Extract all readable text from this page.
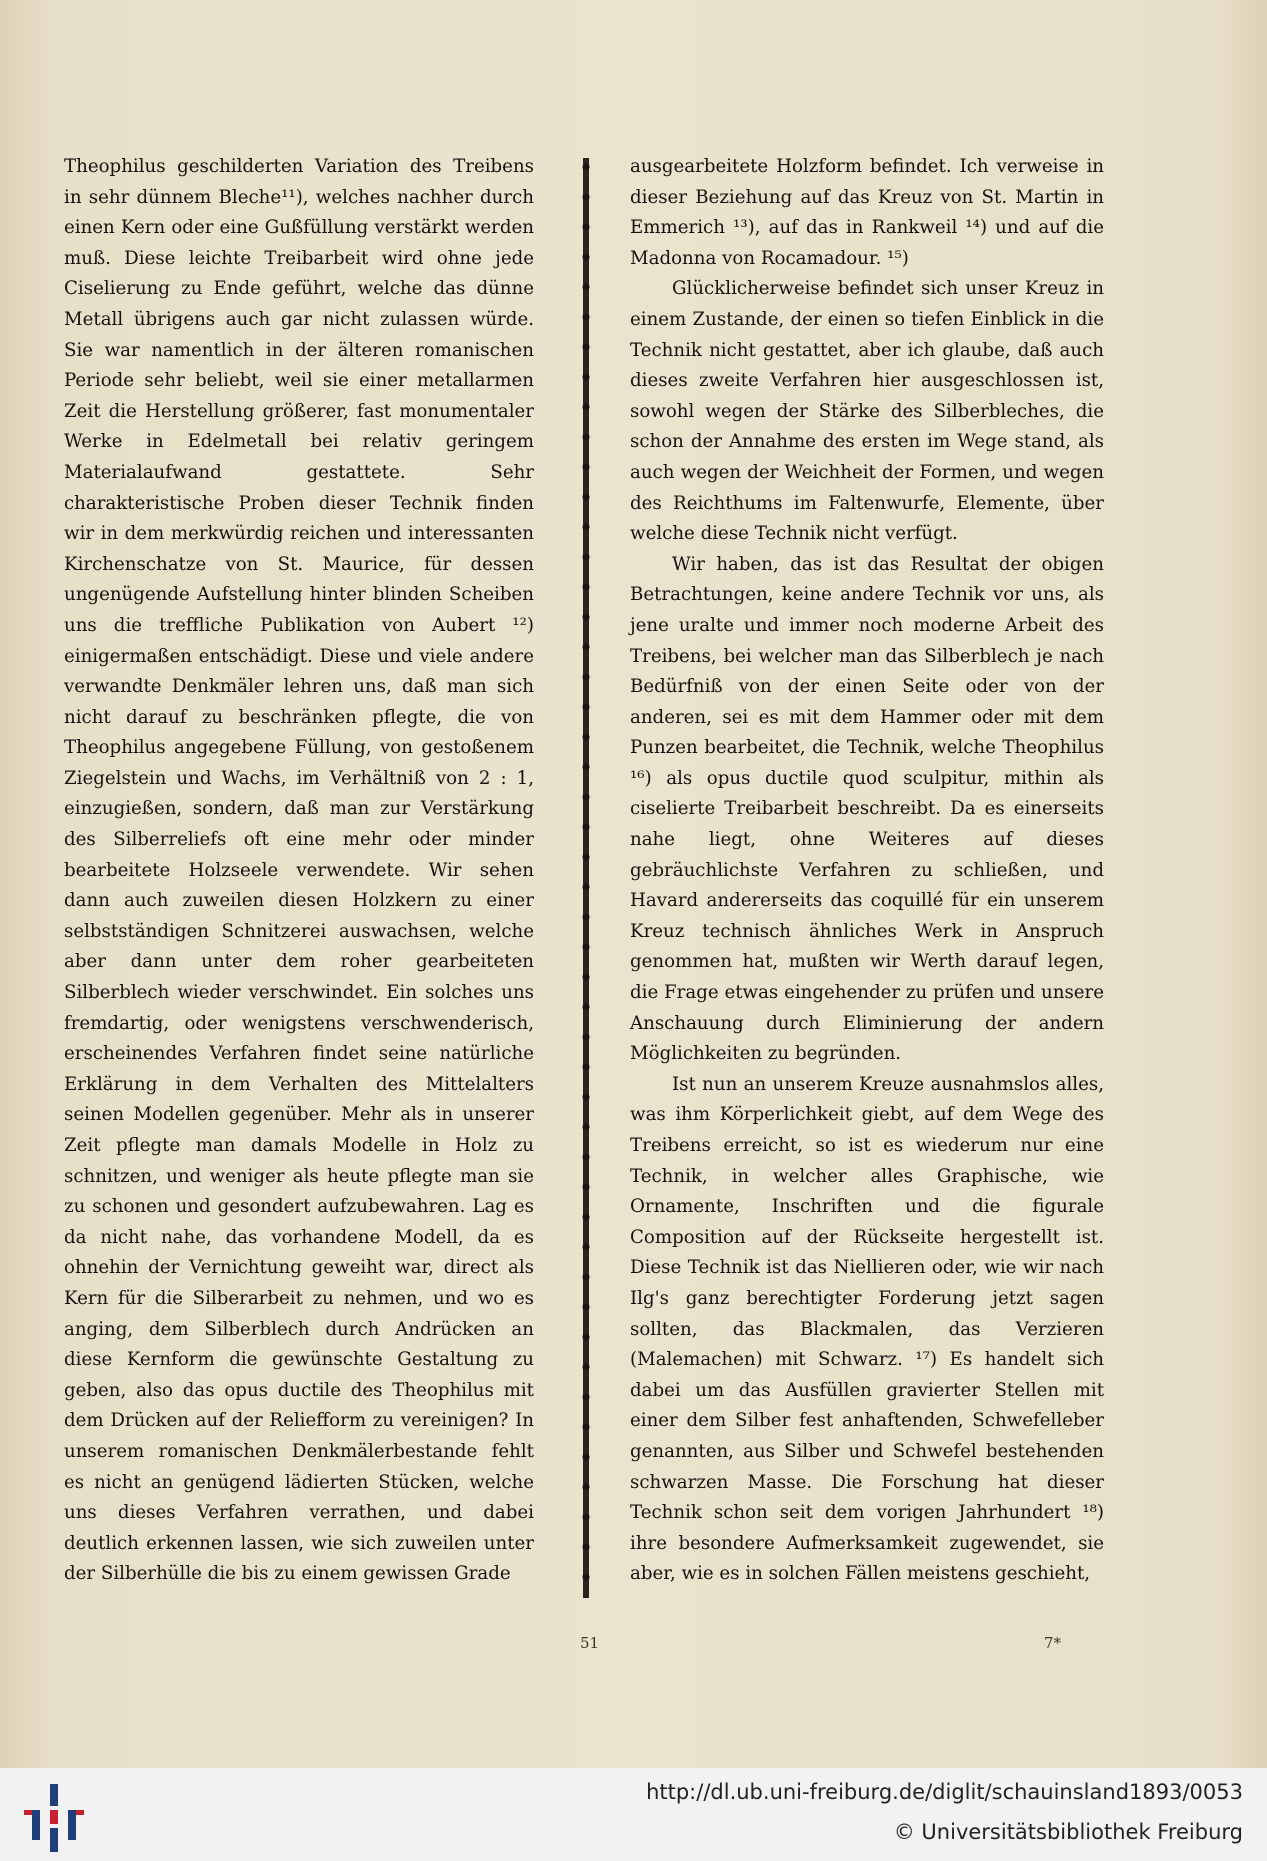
Theophilus geschilderten Variation des Treibens in sehr dünnem Bleche¹¹), welches nachher durch einen Kern oder eine Gußfüllung verstärkt werden muß. Diese leichte Treibarbeit wird ohne jede Ciselierung zu Ende geführt, welche das dünne Metall übrigens auch gar nicht zulassen würde. Sie war namentlich in der älteren romanischen Periode sehr beliebt, weil sie einer metallarmen Zeit die Herstellung größerer, fast monumentaler Werke in Edelmetall bei relativ geringem Materialaufwand gestattete. Sehr charakteristische Proben dieser Technik finden wir in dem merkwürdig reichen und interessanten Kirchenschatze von St. Maurice, für dessen ungenügende Aufstellung hinter blinden Scheiben uns die treffliche Publikation von Aubert ¹²) einigermaßen entschädigt. Diese und viele andere verwandte Denkmäler lehren uns, daß man sich nicht darauf zu beschränken pflegte, die von Theophilus angegebene Füllung, von gestoßenem Ziegelstein und Wachs, im Verhältniß von 2 : 1, einzugießen, sondern, daß man zur Verstärkung des Silberreliefs oft eine mehr oder minder bearbeitete Holzseele verwendete. Wir sehen dann auch zuweilen diesen Holzkern zu einer selbstständigen Schnitzerei auswachsen, welche aber dann unter dem roher gearbeiteten Silberblech wieder verschwindet. Ein solches uns fremdartig, oder wenigstens verschwenderisch, erscheinendes Verfahren findet seine natürliche Erklärung in dem Verhalten des Mittelalters seinen Modellen gegenüber. Mehr als in unserer Zeit pflegte man damals Modelle in Holz zu schnitzen, und weniger als heute pflegte man sie zu schonen und gesondert aufzubewahren. Lag es da nicht nahe, das vorhandene Modell, da es ohnehin der Vernichtung geweiht war, direct als Kern für die Silberarbeit zu nehmen, und wo es anging, dem Silberblech durch Andrücken an diese Kernform die gewünschte Gestaltung zu geben, also das opus ductile des Theophilus mit dem Drücken auf der Reliefform zu vereinigen? In unserem romanischen Denkmälerbestande fehlt es nicht an genügend lädierten Stücken, welche uns dieses Verfahren verrathen, und dabei deutlich erkennen lassen, wie sich zuweilen unter der Silberhülle die bis zu einem gewissen Grade

ausgearbeitete Holzform befindet. Ich verweise in dieser Beziehung auf das Kreuz von St. Martin in Emmerich ¹³), auf das in Rankweil ¹⁴) und auf die Madonna von Rocamadour. ¹⁵)

Glücklicherweise befindet sich unser Kreuz in einem Zustande, der einen so tiefen Einblick in die Technik nicht gestattet, aber ich glaube, daß auch dieses zweite Verfahren hier ausgeschlossen ist, sowohl wegen der Stärke des Silberbleches, die schon der Annahme des ersten im Wege stand, als auch wegen der Weichheit der Formen, und wegen des Reichthums im Faltenwurfe, Elemente, über welche diese Technik nicht verfügt.

Wir haben, das ist das Resultat der obigen Betrachtungen, keine andere Technik vor uns, als jene uralte und immer noch moderne Arbeit des Treibens, bei welcher man das Silberblech je nach Bedürfniß von der einen Seite oder von der anderen, sei es mit dem Hammer oder mit dem Punzen bearbeitet, die Technik, welche Theophilus ¹⁶) als opus ductile quod sculpitur, mithin als ciselierte Treibarbeit beschreibt. Da es einerseits nahe liegt, ohne Weiteres auf dieses gebräuchlichste Verfahren zu schließen, und Havard andererseits das coquillé für ein unserem Kreuz technisch ähnliches Werk in Anspruch genommen hat, mußten wir Werth darauf legen, die Frage etwas eingehender zu prüfen und unsere Anschauung durch Eliminierung der andern Möglichkeiten zu begründen.

Ist nun an unserem Kreuze ausnahmslos alles, was ihm Körperlichkeit giebt, auf dem Wege des Treibens erreicht, so ist es wiederum nur eine Technik, in welcher alles Graphische, wie Ornamente, Inschriften und die figurale Composition auf der Rückseite hergestellt ist. Diese Technik ist das Niellieren oder, wie wir nach Ilg's ganz berechtigter Forderung jetzt sagen sollten, das Blackmalen, das Verzieren (Malemachen) mit Schwarz. ¹⁷) Es handelt sich dabei um das Ausfüllen gravierter Stellen mit einer dem Silber fest anhaftenden, Schwefelleber genannten, aus Silber und Schwefel bestehenden schwarzen Masse. Die Forschung hat dieser Technik schon seit dem vorigen Jahrhundert ¹⁸) ihre besondere Aufmerksamkeit zugewendet, sie aber, wie es in solchen Fällen meistens geschieht,

51	7*
http://dl.ub.uni-freiburg.de/diglit/schauinsland1893/0053
© Universitätsbibliothek Freiburg
